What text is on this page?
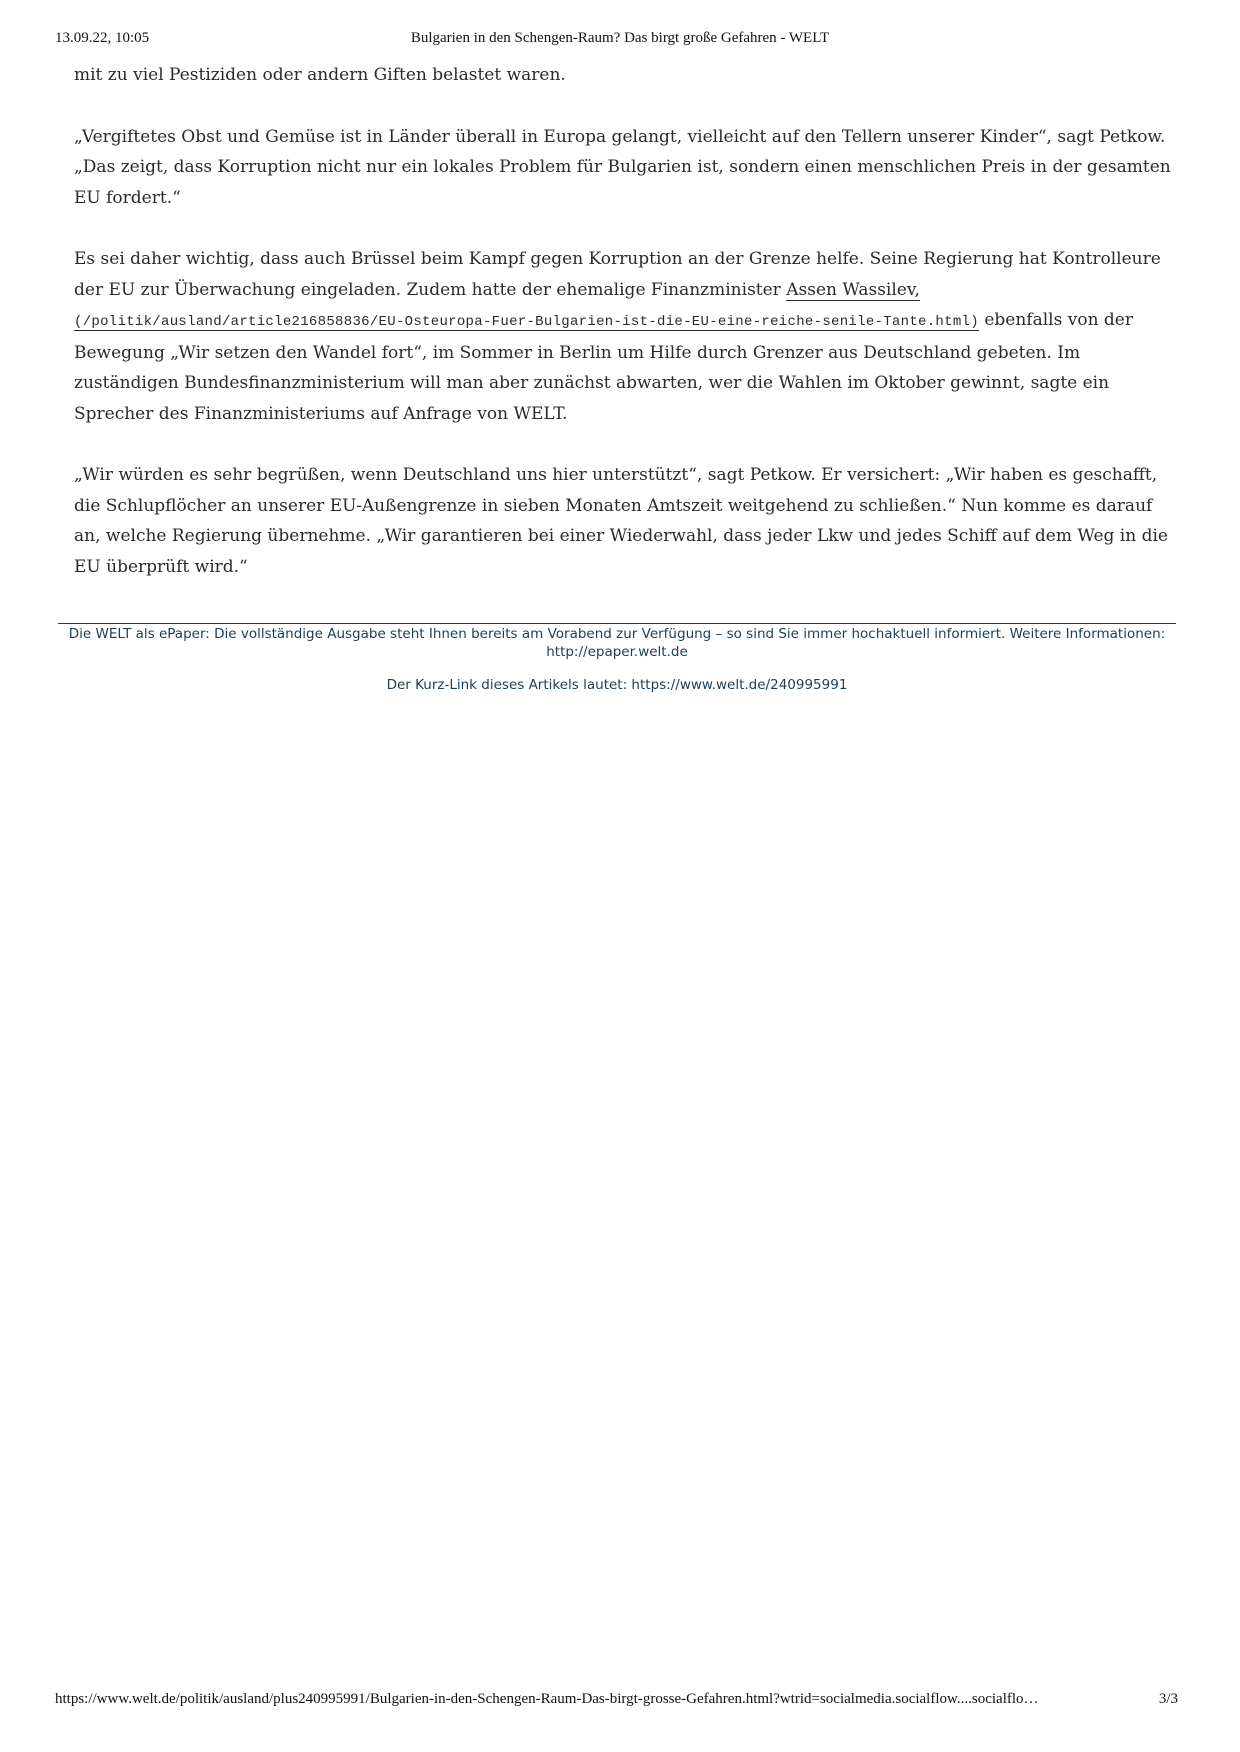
13.09.22, 10:05	Bulgarien in den Schengen-Raum? Das birgt große Gefahren - WELT

mit zu viel Pestiziden oder andern Giften belastet waren.

„Vergiftetes Obst und Gemüse ist in Länder überall in Europa gelangt, vielleicht auf den Tellern unserer Kinder“, sagt Petkow. „Das zeigt, dass Korruption nicht nur ein lokales Problem für Bulgarien ist, sondern einen menschlichen Preis in der gesamten EU fordert.“

Es sei daher wichtig, dass auch Brüssel beim Kampf gegen Korruption an der Grenze helfe. Seine Regierung hat Kontrolleure der EU zur Überwachung eingeladen. Zudem hatte der ehemalige Finanzminister Assen Wassilev, (/politik/ausland/article216858836/EU-Osteuropa-Fuer-Bulgarien-ist-die-EU-eine-reiche-senile-Tante.html) ebenfalls von der Bewegung „Wir setzen den Wandel fort“, im Sommer in Berlin um Hilfe durch Grenzer aus Deutschland gebeten. Im zuständigen Bundesfinanzministerium will man aber zunächst abwarten, wer die Wahlen im Oktober gewinnt, sagte ein Sprecher des Finanzministeriums auf Anfrage von WELT.

„Wir würden es sehr begrüßen, wenn Deutschland uns hier unterstützt“, sagt Petkow. Er versichert: „Wir haben es geschafft, die Schlupflöcher an unserer EU-Außengrenze in sieben Monaten Amtszeit weitgehend zu schließen.“ Nun komme es darauf an, welche Regierung übernehme. „Wir garantieren bei einer Wiederwahl, dass jeder Lkw und jedes Schiff auf dem Weg in die EU überprüft wird.“

Die WELT als ePaper: Die vollständige Ausgabe steht Ihnen bereits am Vorabend zur Verfügung – so sind Sie immer hochaktuell informiert. Weitere Informationen: http://epaper.welt.de
Der Kurz-Link dieses Artikels lautet: https://www.welt.de/240995991
https://www.welt.de/politik/ausland/plus240995991/Bulgarien-in-den-Schengen-Raum-Das-birgt-grosse-Gefahren.html?wtrid=socialmedia.socialflow....socialflo…	3/3
